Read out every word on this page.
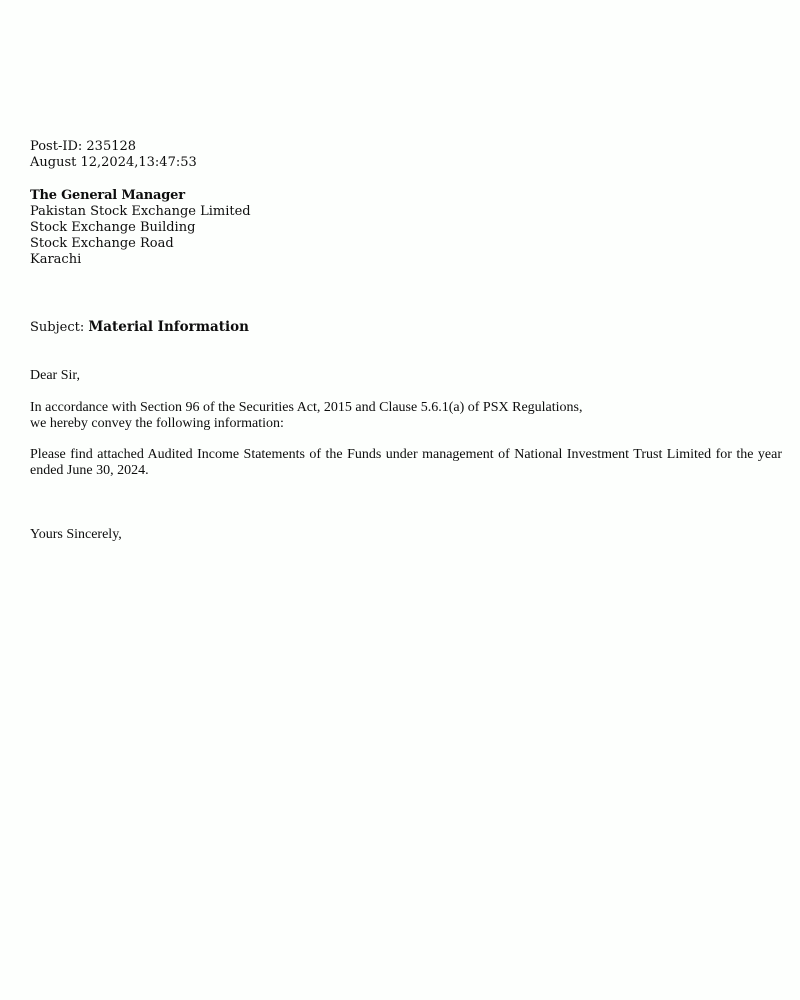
Post-ID: 235128
August 12,2024,13:47:53
The General Manager
Pakistan Stock Exchange Limited
Stock Exchange Building
Stock Exchange Road
Karachi
Subject: Material Information
Dear Sir,
In accordance with Section 96 of the Securities Act, 2015 and Clause 5.6.1(a) of PSX Regulations,
we hereby convey the following information:
Please find attached Audited Income Statements of the Funds under management of National Investment Trust Limited for the year ended June 30, 2024.
Yours Sincerely,
